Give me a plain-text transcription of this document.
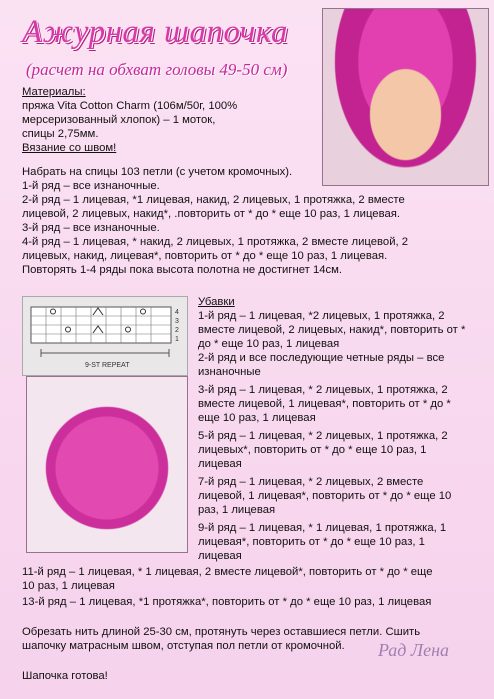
Ажурная шапочка
(расчет на обхват головы 49-50 см)
Материалы:
пряжа Vita Cotton Charm (106м/50г, 100%
мерсеризованный хлопок) – 1 моток,
спицы 2,75мм.
Вязание со швом!
Набрать на спицы 103 петли (с учетом кромочных).
1-й ряд – все изнаночные.
2-й ряд – 1 лицевая, *1 лицевая, накид, 2 лицевых, 1 протяжка, 2 вместе
лицевой, 2 лицевых, накид*, .повторить от * до * еще 10 раз, 1 лицевая.
3-й ряд – все изнаночные.
4-й ряд – 1 лицевая, * накид, 2 лицевых, 1 протяжка, 2 вместе лицевой, 2
лицевых, накид, лицевая*, повторить от * до * еще 10 раз, 1 лицевая.
Повторять 1-4 ряды пока высота полотна не достигнет 14см.
4
3
2
1
9-ST REPEAT
Убавки
1-й ряд – 1 лицевая, *2 лицевых, 1 протяжка, 2
вместе лицевой, 2 лицевых, накид*, повторить от *
до * еще 10 раз, 1 лицевая
2-й ряд и все последующие четные ряды – все
изнаночные
3-й ряд – 1 лицевая, * 2 лицевых, 1 протяжка, 2
вместе лицевой, 1 лицевая*, повторить от * до *
еще 10 раз, 1 лицевая
5-й ряд – 1 лицевая, * 2 лицевых, 1 протяжка, 2
лицевых*, повторить от * до * еще 10 раз, 1
лицевая
7-й ряд – 1 лицевая, * 2 лицевых, 2 вместе
лицевой, 1 лицевая*, повторить от * до * еще 10
раз, 1 лицевая
9-й ряд – 1 лицевая, * 1 лицевая, 1 протяжка, 1
лицевая*, повторить от * до * еще 10 раз, 1
лицевая
11-й ряд – 1 лицевая, * 1 лицевая, 2 вместе лицевой*, повторить от * до * еще
10 раз, 1 лицевая
13-й ряд – 1 лицевая, *1 протяжка*, повторить от * до * еще 10 раз, 1 лицевая
Обрезать нить длиной 25-30 см, протянуть через оставшиеся петли. Сшить
шапочку матрасным швом, отступая пол петли от кромочной.
Шапочка готова!
Рад Лена
